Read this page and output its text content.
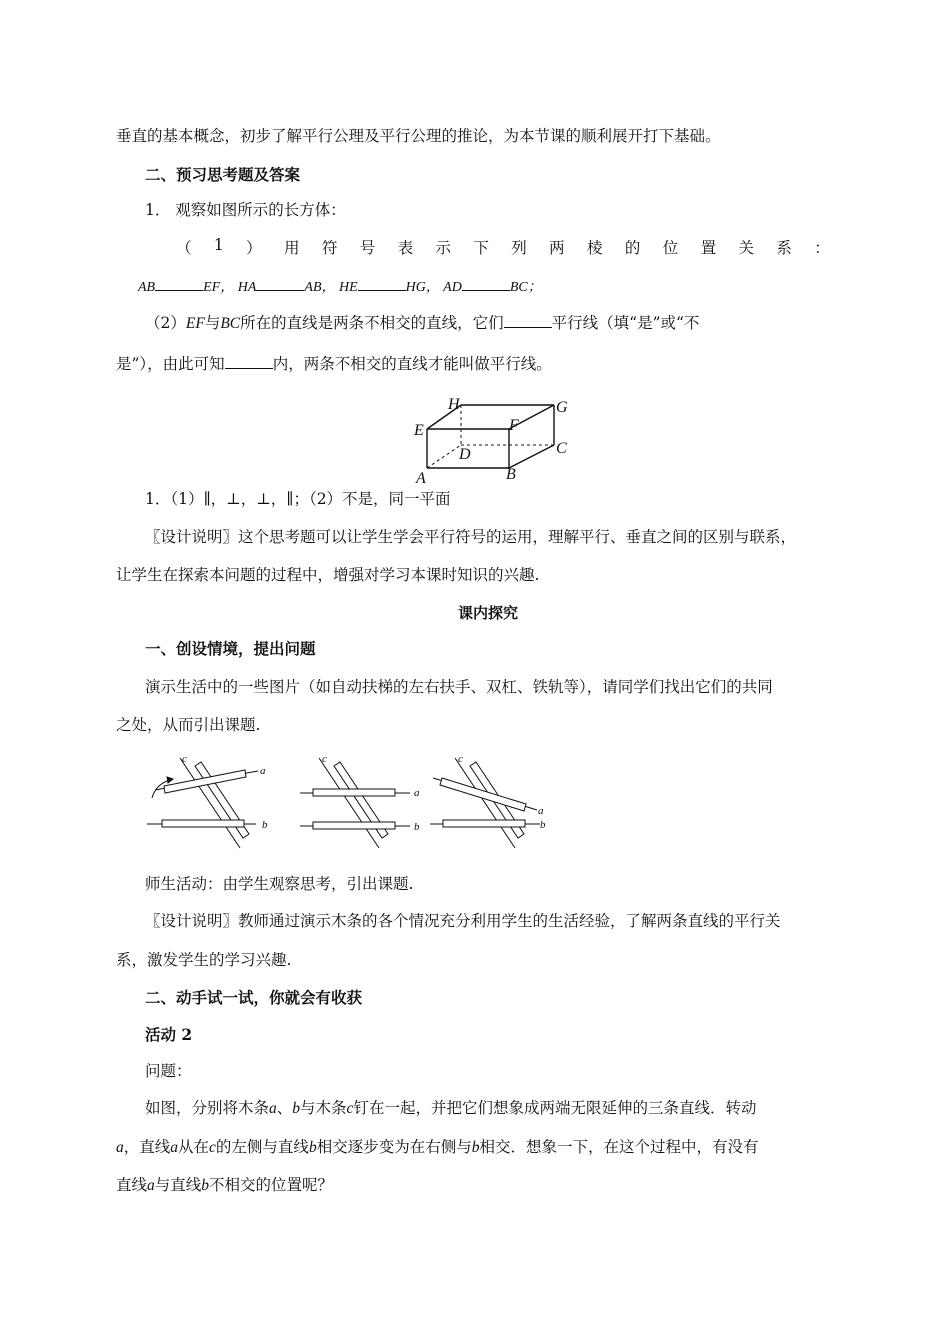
垂直的基本概念，初步了解平行公理及平行公理的推论，为本节课的顺利展开打下基础。
二、预习思考题及答案
1． 观察如图所示的长方体：
（ 1 ） 用 符 号 表 示 下 列 两 棱 的 位 置 关 系 ：
AB	EF， HA	AB， HE	HG， AD	BC；
（2）EF与BC所在的直线是两条不相交的直线，它们	平行线（填“是”或“不
是”），由此可知	内，两条不相交的直线才能叫做平行线。
H	G
E	F
C
D
A	B
1．（1）∥，⊥，⊥，∥；（2）不是，同一平面
〖设计说明〗这个思考题可以让学生学会平行符号的运用，理解平行、垂直之间的区别与联系，
让学生在探索本问题的过程中，增强对学习本课时知识的兴趣.
课内探究
一、创设情境，提出问题
演示生活中的一些图片（如自动扶梯的左右扶手、双杠、铁轨等），请同学们找出它们的共同
之处，从而引出课题.
c
a
b
c
a
b
c
a
b
师生活动：由学生观察思考，引出课题.
〖设计说明〗教师通过演示木条的各个情况充分利用学生的生活经验，了解两条直线的平行关
系，激发学生的学习兴趣.
二、动手试一试，你就会有收获
活动 2
问题：
如图，分别将木条a、b与木条c钉在一起，并把它们想象成两端无限延伸的三条直线．转动
a，直线a从在c的左侧与直线b相交逐步变为在右侧与b相交．想象一下，在这个过程中，有没有
直线a与直线b不相交的位置呢？
